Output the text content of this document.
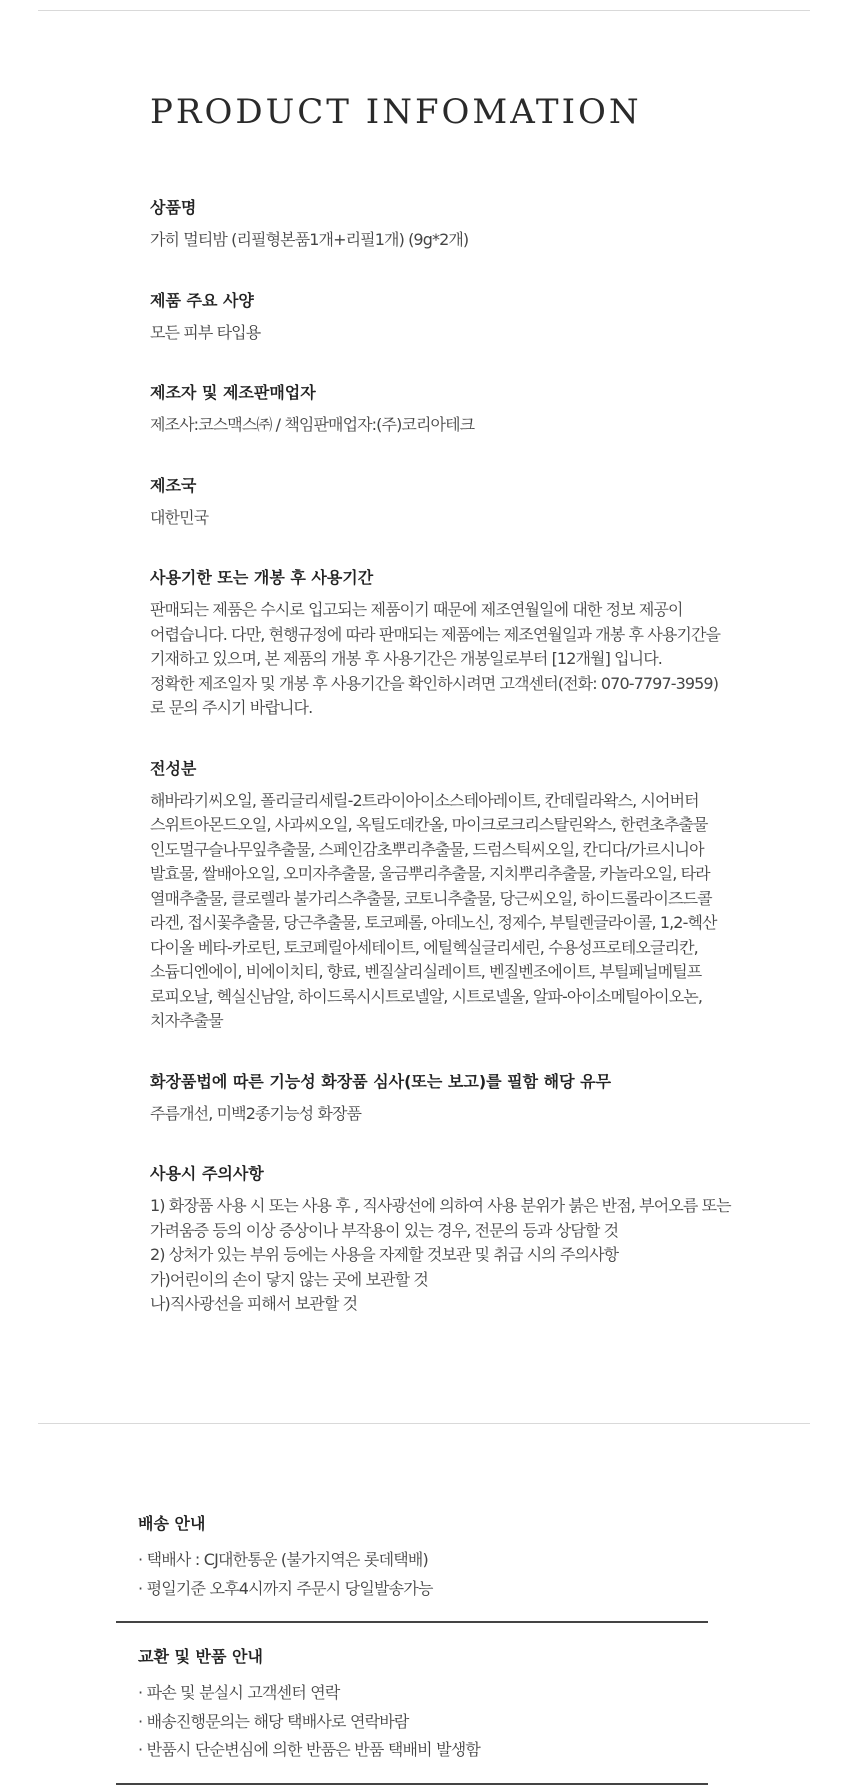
PRODUCT INFOMATION
상품명
가히 멀티밤 (리필형본품1개+리필1개) (9g*2개)
제품 주요 사양
모든 피부 타입용
제조자 및 제조판매업자
제조사:코스맥스㈜ / 책임판매업자:(주)코리아테크
제조국
대한민국
사용기한 또는 개봉 후 사용기간
판매되는 제품은 수시로 입고되는 제품이기 때문에 제조연월일에 대한 정보 제공이
어렵습니다. 다만, 현행규정에 따라 판매되는 제품에는 제조연월일과 개봉 후 사용기간을
기재하고 있으며, 본 제품의 개봉 후 사용기간은 개봉일로부터 [12개월] 입니다.
정확한 제조일자 및 개봉 후 사용기간을 확인하시려면 고객센터(전화: 070-7797-3959)
로 문의 주시기 바랍니다.
전성분
해바라기씨오일, 폴리글리세릴-2트라이아이소스테아레이트, 칸데릴라왁스, 시어버터
스위트아몬드오일, 사과씨오일, 옥틸도데칸올, 마이크로크리스탈린왁스, 한련초추출물
인도멀구슬나무잎추출물, 스페인감초뿌리추출물, 드럼스틱씨오일, 칸디다/가르시니아
발효물, 쌀배아오일, 오미자추출물, 울금뿌리추출물, 지치뿌리추출물, 카놀라오일, 타라
열매추출물, 클로렐라 불가리스추출물, 코토니추출물, 당근씨오일, 하이드롤라이즈드콜
라겐, 접시꽃추출물, 당근추출물, 토코페롤, 아데노신, 정제수, 부틸렌글라이콜, 1,2-헥산
다이올 베타-카로틴, 토코페릴아세테이트, 에틸헥실글리세린, 수용성프로테오글리칸,
소듐디엔에이, 비에이치티, 향료, 벤질살리실레이트, 벤질벤조에이트, 부틸페닐메틸프
로피오날, 헥실신남알, 하이드록시시트로넬알, 시트로넬올, 알파-아이소메틸아이오논,
치자추출물
화장품법에 따른 기능성 화장품 심사(또는 보고)를 필함 해당 유무
주름개선, 미백2종기능성 화장품
사용시 주의사항
1) 화장품 사용 시 또는 사용 후 , 직사광선에 의하여 사용 분위가 붉은 반점, 부어오름 또는
가려움증 등의 이상 증상이나 부작용이 있는 경우, 전문의 등과 상담할 것
2) 상처가 있는 부위 등에는 사용을 자제할 것보관 및 취급 시의 주의사항
가)어린이의 손이 닿지 않는 곳에 보관할 것
나)직사광선을 피해서 보관할 것
배송 안내
· 택배사 : CJ대한통운 (불가지역은 롯데택배)
· 평일기준 오후4시까지 주문시 당일발송가능
교환 및 반품 안내
· 파손 및 분실시 고객센터 연락
· 배송진행문의는 해당 택배사로 연락바람
· 반품시 단순변심에 의한 반품은 반품 택배비 발생함
